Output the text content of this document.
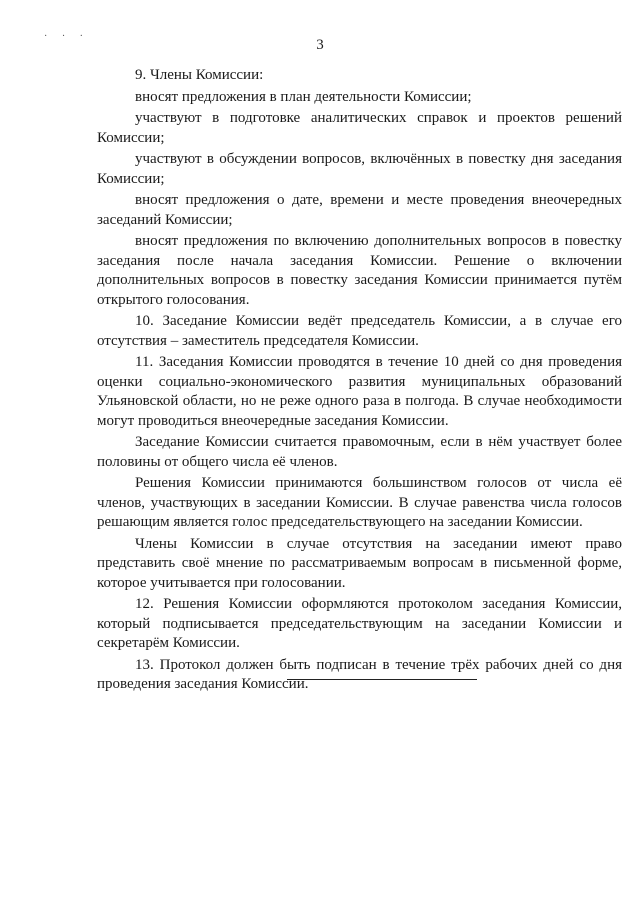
· · ·
3

9. Члены Комиссии:

вносят предложения в план деятельности Комиссии;

участвуют в подготовке аналитических справок и проектов решений Комиссии;

участвуют в обсуждении вопросов, включённых в повестку дня заседания Комиссии;

вносят предложения о дате, времени и месте проведения внеочередных заседаний Комиссии;

вносят предложения по включению дополнительных вопросов в повестку заседания после начала заседания Комиссии. Решение о включении дополнительных вопросов в повестку заседания Комиссии принимается путём открытого голосования.

10. Заседание Комиссии ведёт председатель Комиссии, а в случае его отсутствия – заместитель председателя Комиссии.

11. Заседания Комиссии проводятся в течение 10 дней со дня проведения оценки социально-экономического развития муниципальных образований Ульяновской области, но не реже одного раза в полгода. В случае необходимости могут проводиться внеочередные заседания Комиссии.

Заседание Комиссии считается правомочным, если в нём участвует более половины от общего числа её членов.

Решения Комиссии принимаются большинством голосов от числа её членов, участвующих в заседании Комиссии. В случае равенства числа голосов решающим является голос председательствующего на заседании Комиссии.

Члены Комиссии в случае отсутствия на заседании имеют право представить своё мнение по рассматриваемым вопросам в письменной форме, которое учитывается при голосовании.

12. Решения Комиссии оформляются протоколом заседания Комиссии, который подписывается председательствующим на заседании Комиссии и секретарём Комиссии.

13. Протокол должен быть подписан в течение трёх рабочих дней со дня проведения заседания Комиссии.
